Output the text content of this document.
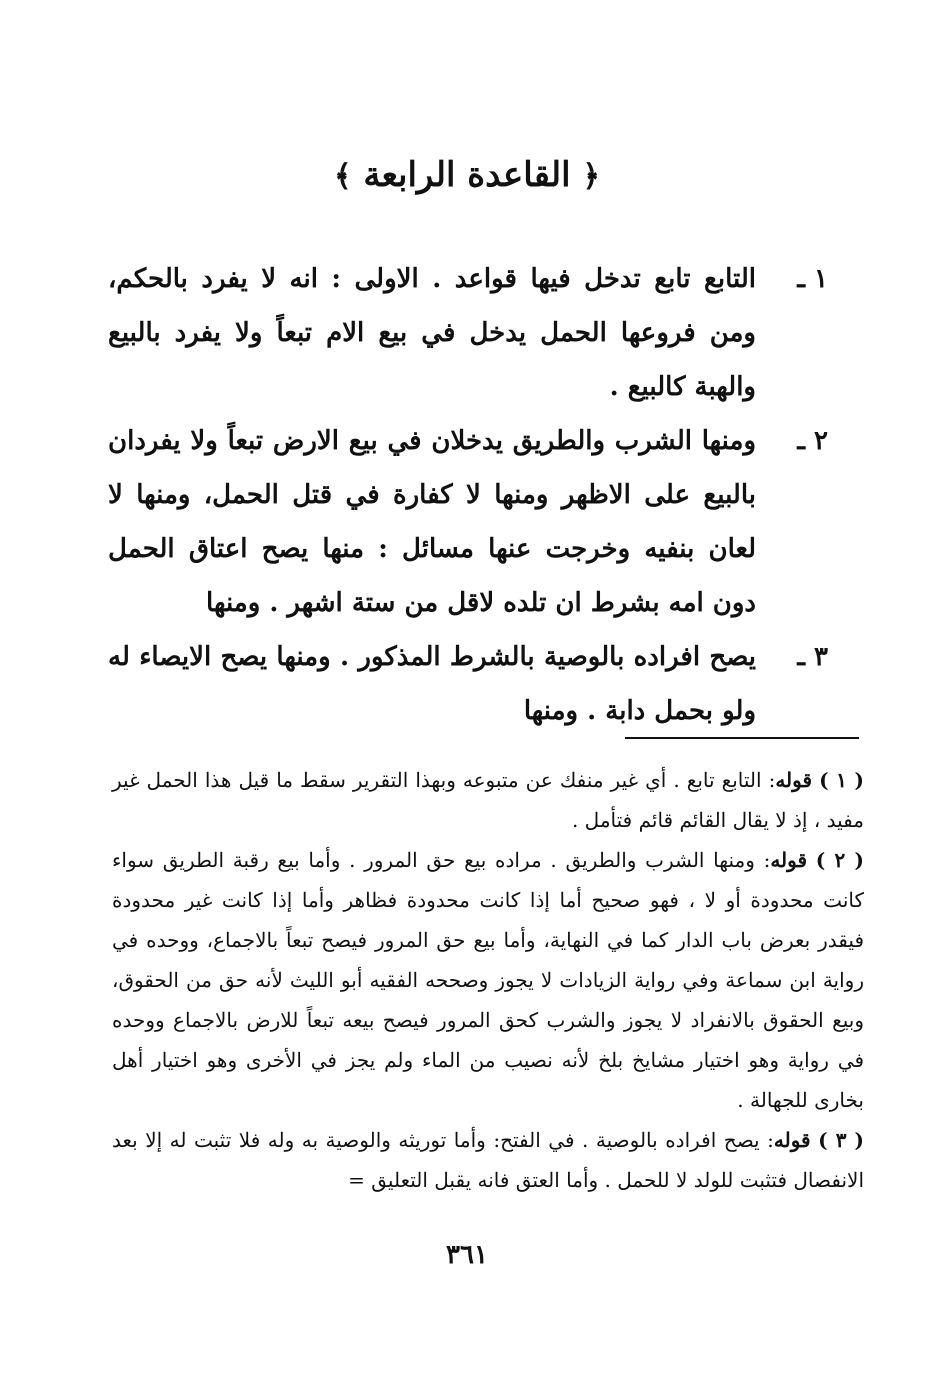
﴿ القاعدة الرابعة ﴾
١ ـ
التابع تابع تدخل فيها قواعد . الاولى : انه لا يفرد بالحكم، ومن فروعها الحمل يدخل في بيع الام تبعاً ولا يفرد بالبيع والهبة كالبيع .
٢ ـ
ومنها الشرب والطريق يدخلان في بيع الارض تبعاً ولا يفردان بالبيع على الاظهر ومنها لا كفارة في قتل الحمل، ومنها لا لعان بنفيه وخرجت عنها مسائل : منها يصح اعتاق الحمل دون امه بشرط ان تلده لاقل من ستة اشهر . ومنها
٣ ـ
يصح افراده بالوصية بالشرط المذكور . ومنها يصح الايصاء له ولو بحمل دابة . ومنها

( ١ ) قوله: التابع تابع . أي غير منفك عن متبوعه وبهذا التقرير سقط ما قيل هذا الحمل غير مفيد ، إذ لا يقال القائم قائم فتأمل .

( ٢ ) قوله: ومنها الشرب والطريق . مراده بيع حق المرور . وأما بيع رقبة الطريق سواء كانت محدودة أو لا ، فهو صحيح أما إذا كانت محدودة فظاهر وأما إذا كانت غير محدودة فيقدر بعرض باب الدار كما في النهاية، وأما بيع حق المرور فيصح تبعاً بالاجماع، ووحده في رواية ابن سماعة وفي رواية الزيادات لا يجوز وصححه الفقيه أبو الليث لأنه حق من الحقوق، وبيع الحقوق بالانفراد لا يجوز والشرب كحق المرور فيصح بيعه تبعاً للارض بالاجماع ووحده في رواية وهو اختيار مشايخ بلخ لأنه نصيب من الماء ولم يجز في الأخرى وهو اختيار أهل بخارى للجهالة .

( ٣ ) قوله: يصح افراده بالوصية . في الفتح: وأما توريثه والوصية به وله فلا تثبت له إلا بعد الانفصال فتثبت للولد لا للحمل . وأما العتق فانه يقبل التعليق =

٣٦١
